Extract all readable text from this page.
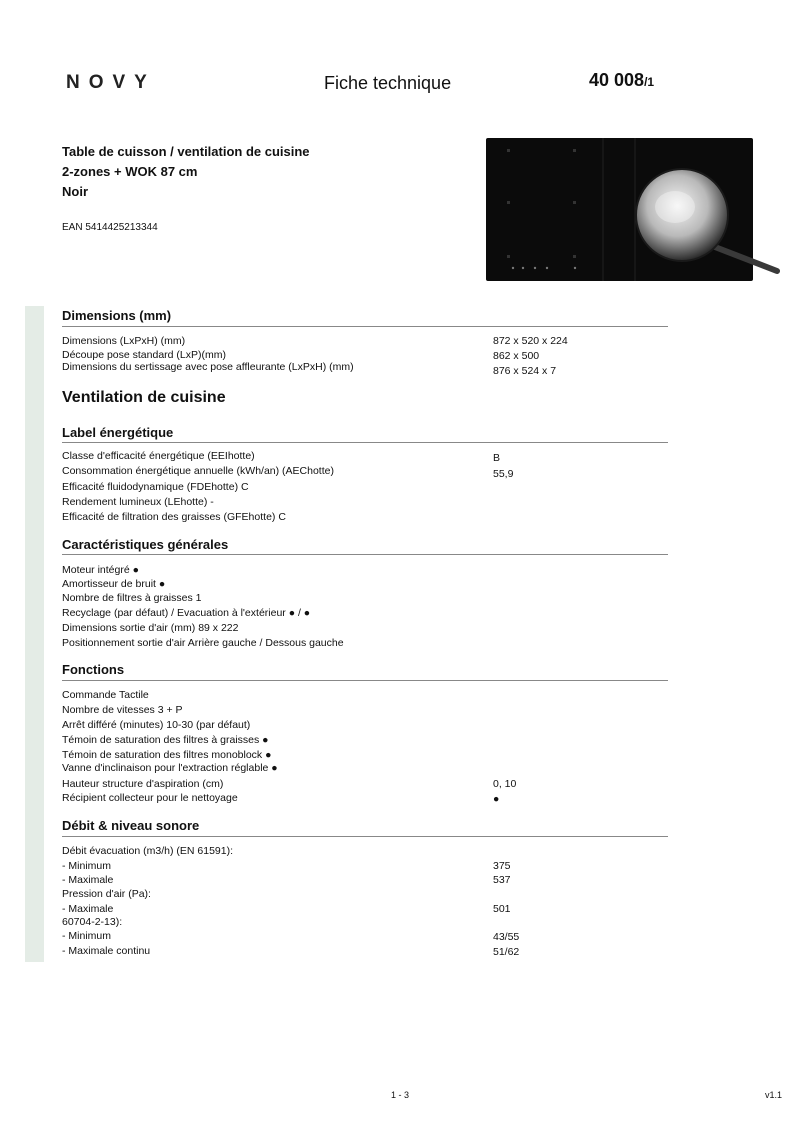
NOVY	Fiche technique	40 008/1
Table de cuisson / ventilation de cuisine
2-zones + WOK 87 cm
Noir
EAN 5414425213344
Dimensions (mm)
Dimensions (LxPxH) (mm)	872 x 520 x 224
Découpe pose standard (LxP)(mm)	862 x 500
Dimensions du sertissage avec pose affleurante (LxPxH) (mm)	876 x 524 x 7
Ventilation de cuisine
Label énergétique
Classe d'efficacité énergétique (EEIhotte)	B
Consommation énergétique annuelle (kWh/an) (AEChotte)	55,9
Efficacité fluidodynamique (FDEhotte) C
Rendement lumineux (LEhotte) -
Efficacité de filtration des graisses (GFEhotte) C
Caractéristiques générales
Moteur intégré ●
Amortisseur de bruit ●
Nombre de filtres à graisses 1
Recyclage (par défaut) / Evacuation à l'extérieur ● / ●
Dimensions sortie d'air (mm) 89 x 222
Positionnement sortie d'air Arrière gauche / Dessous gauche
Fonctions
Commande Tactile
Nombre de vitesses 3 + P
Arrêt différé (minutes) 10-30 (par défaut)
Témoin de saturation des filtres à graisses ●
Témoin de saturation des filtres monoblock ●
Vanne d'inclinaison pour l'extraction réglable ●
Hauteur structure d'aspiration (cm)	0, 10
Récipient collecteur pour le nettoyage	●
Débit & niveau sonore
Débit évacuation (m3/h) (EN 61591):
- Minimum	375
- Maximale	537
Pression d'air (Pa):
- Maximale	501
60704-2-13):
- Minimum	43/55
- Maximale continu	51/62
1 - 3	v1.1
